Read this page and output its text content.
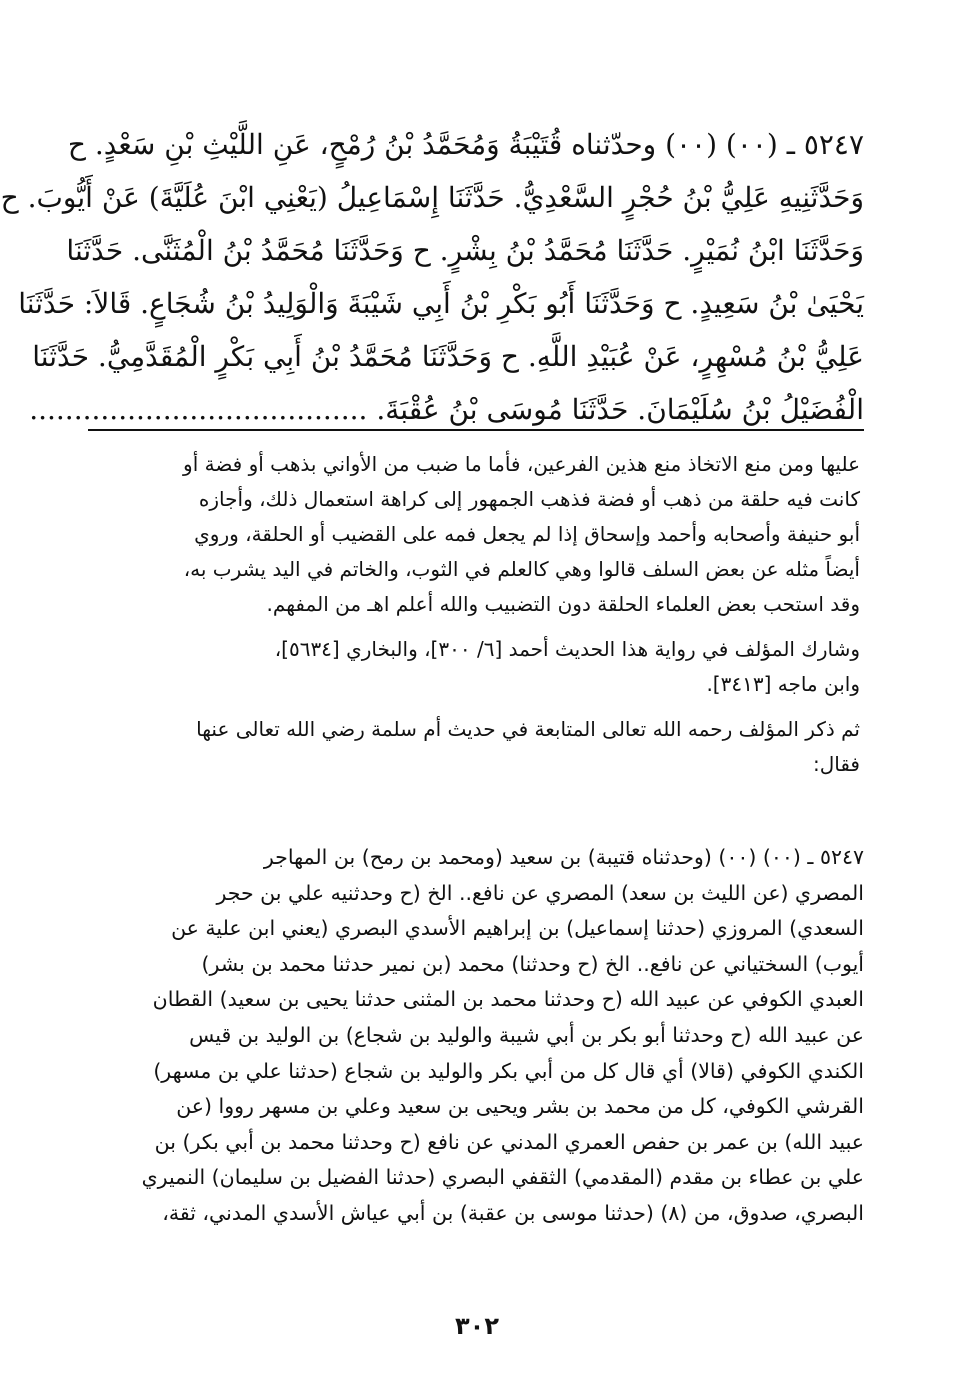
٥٢٤٧ ـ (٠٠) (٠٠) وحدّثناه قُتَيْبَةُ وَمُحَمَّدُ بْنُ رُمْحٍ، عَنِ اللَّيْثِ بْنِ سَعْدٍ. ح
وَحَدَّثَنِيهِ عَلِيُّ بْنُ حُجْرٍ السَّعْدِيُّ. حَدَّثَنَا إِسْمَاعِيلُ (يَعْنِي ابْنَ عُلَيَّةَ) عَنْ أَيُّوبَ. ح
وَحَدَّثَنَا ابْنُ نُمَيْرٍ. حَدَّثَنَا مُحَمَّدُ بْنُ بِشْرٍ. ح وَحَدَّثَنَا مُحَمَّدُ بْنُ الْمُثَنَّى. حَدَّثَنَا
يَحْيَىٰ بْنُ سَعِيدٍ. ح وَحَدَّثَنَا أَبُو بَكْرِ بْنُ أَبِي شَيْبَةَ وَالْوَلِيدُ بْنُ شُجَاعٍ. قَالاَ: حَدَّثَنَا
عَلِيُّ بْنُ مُسْهِرٍ، عَنْ عُبَيْدِ اللَّهِ. ح وَحَدَّثَنَا مُحَمَّدُ بْنُ أَبِي بَكْرٍ الْمُقَدَّمِيُّ. حَدَّثَنَا
الْفُضَيْلُ بْنُ سُلَيْمَانَ. حَدَّثَنَا مُوسَى بْنُ عُقْبَةَ. ......................................

عليها ومن منع الاتخاذ منع هذين الفرعين، فأما ما ضبب من الأواني بذهب أو فضة أو
كانت فيه حلقة من ذهب أو فضة فذهب الجمهور إلى كراهة استعمال ذلك، وأجازه
أبو حنيفة وأصحابه وأحمد وإسحاق إذا لم يجعل فمه على القضيب أو الحلقة، وروي
أيضاً مثله عن بعض السلف قالوا وهي كالعلم في الثوب، والخاتم في اليد يشرب به،
وقد استحب بعض العلماء الحلقة دون التضبيب والله أعلم اهـ من المفهم.

وشارك المؤلف في رواية هذا الحديث أحمد [٦/ ٣٠٠]، والبخاري [٥٦٣٤]،
وابن ماجه [٣٤١٣].

ثم ذكر المؤلف رحمه الله تعالى المتابعة في حديث أم سلمة رضي الله تعالى عنها
فقال:

٥٢٤٧ ـ (٠٠) (٠٠) (وحدثناه قتيبة) بن سعيد (ومحمد بن رمح) بن المهاجر
المصري (عن الليث بن سعد) المصري عن نافع.. الخ (ح وحدثنيه علي بن حجر
السعدي) المروزي (حدثنا إسماعيل) بن إبراهيم الأسدي البصري (يعني ابن علية عن
أيوب) السختياني عن نافع.. الخ (ح وحدثنا) محمد (بن نمير حدثنا محمد بن بشر)
العبدي الكوفي عن عبيد الله (ح وحدثنا محمد بن المثنى حدثنا يحيى بن سعيد) القطان
عن عبيد الله (ح وحدثنا أبو بكر بن أبي شيبة والوليد بن شجاع) بن الوليد بن قيس
الكندي الكوفي (قالا) أي قال كل من أبي بكر والوليد بن شجاع (حدثنا علي بن مسهر)
القرشي الكوفي، كل من محمد بن بشر ويحيى بن سعيد وعلي بن مسهر رووا (عن
عبيد الله) بن عمر بن حفص العمري المدني عن نافع (ح وحدثنا محمد بن أبي بكر) بن
علي بن عطاء بن مقدم (المقدمي) الثقفي البصري (حدثنا الفضيل بن سليمان) النميري
البصري، صدوق، من (٨) (حدثنا موسى بن عقبة) بن أبي عياش الأسدي المدني، ثقة،
٣٠٢
